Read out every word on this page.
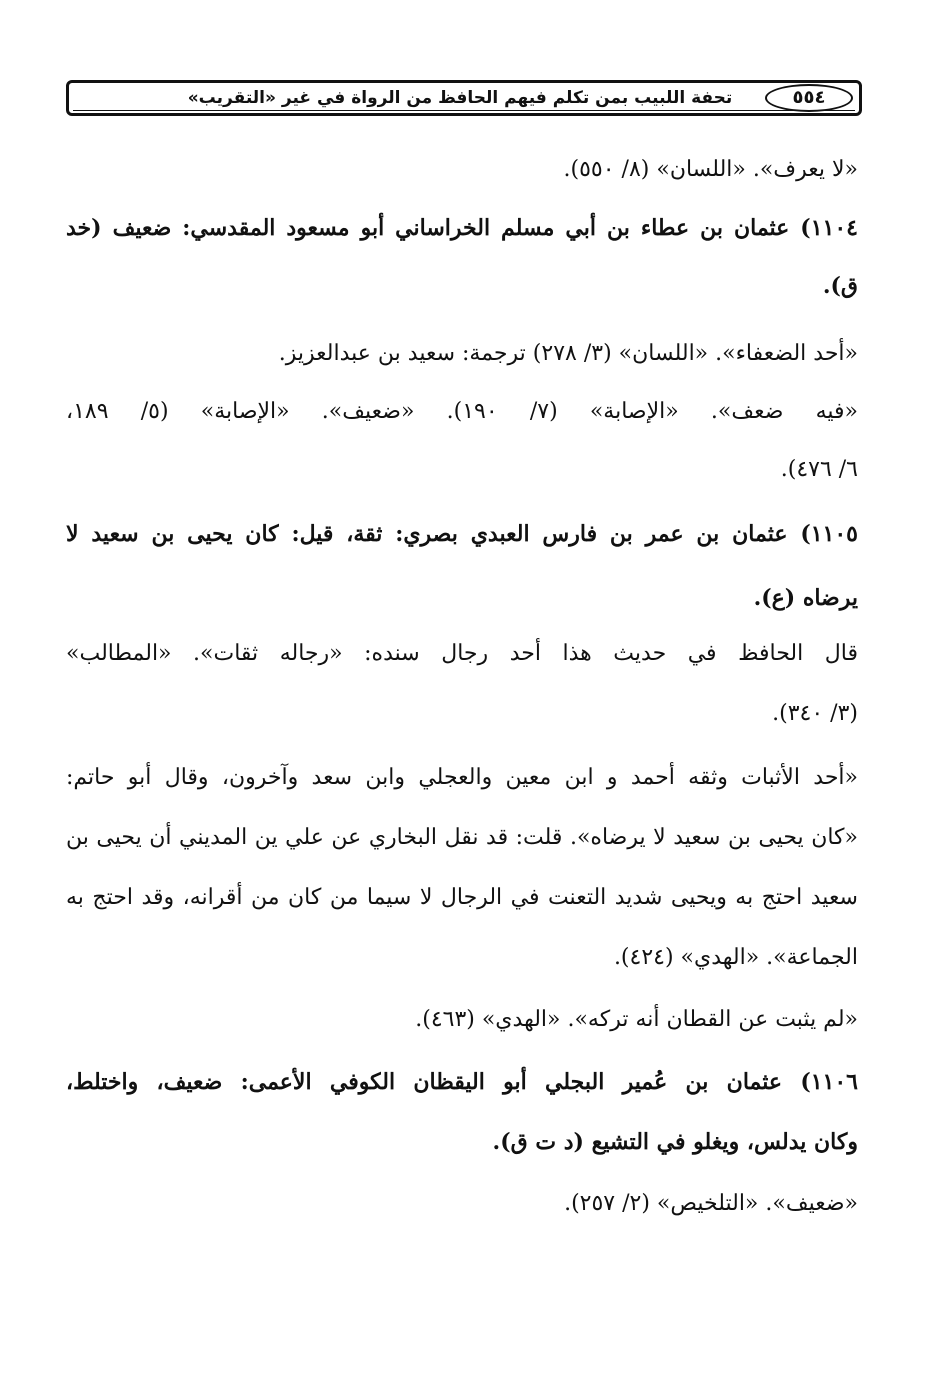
تحفة اللبيب بمن تكلم فيهم الحافظ من الرواة في غير «التقريب»	٥٥٤
«لا يعرف». «اللسان» (٨/ ٥٥٠).
١١٠٤) عثمان بن عطاء بن أبي مسلم الخراساني أبو مسعود المقدسي: ضعيف (خد
ق).
«أحد الضعفاء». «اللسان» (٣/ ٢٧٨) ترجمة: سعيد بن عبدالعزيز.
«فيه ضعف». «الإصابة» (٧/ ١٩٠). «ضعيف». «الإصابة» (٥/ ١٨٩،
٦/ ٤٧٦).
١١٠٥) عثمان بن عمر بن فارس العبدي بصري: ثقة، قيل: كان يحيى بن سعيد لا
يرضاه (ع).
قال الحافظ في حديث هذا أحد رجال سنده: «رجاله ثقات». «المطالب»
(٣/ ٣٤٠).
«أحد الأثبات وثقه أحمد و ابن معين والعجلي وابن سعد وآخرون، وقال أبو حاتم:
«كان يحيى بن سعيد لا يرضاه». قلت: قد نقل البخاري عن علي ين المديني أن يحيى بن
سعيد احتج به ويحيى شديد التعنت في الرجال لا سيما من كان من أقرانه، وقد احتج به
الجماعة». «الهدي» (٤٢٤).
«لم يثبت عن القطان أنه تركه». «الهدي» (٤٦٣).
١١٠٦) عثمان بن عُمير البجلي أبو اليقظان الكوفي الأعمى: ضعيف، واختلط،
وكان يدلس، ويغلو في التشيع (د ت ق).
«ضعيف». «التلخيص» (٢/ ٢٥٧).
